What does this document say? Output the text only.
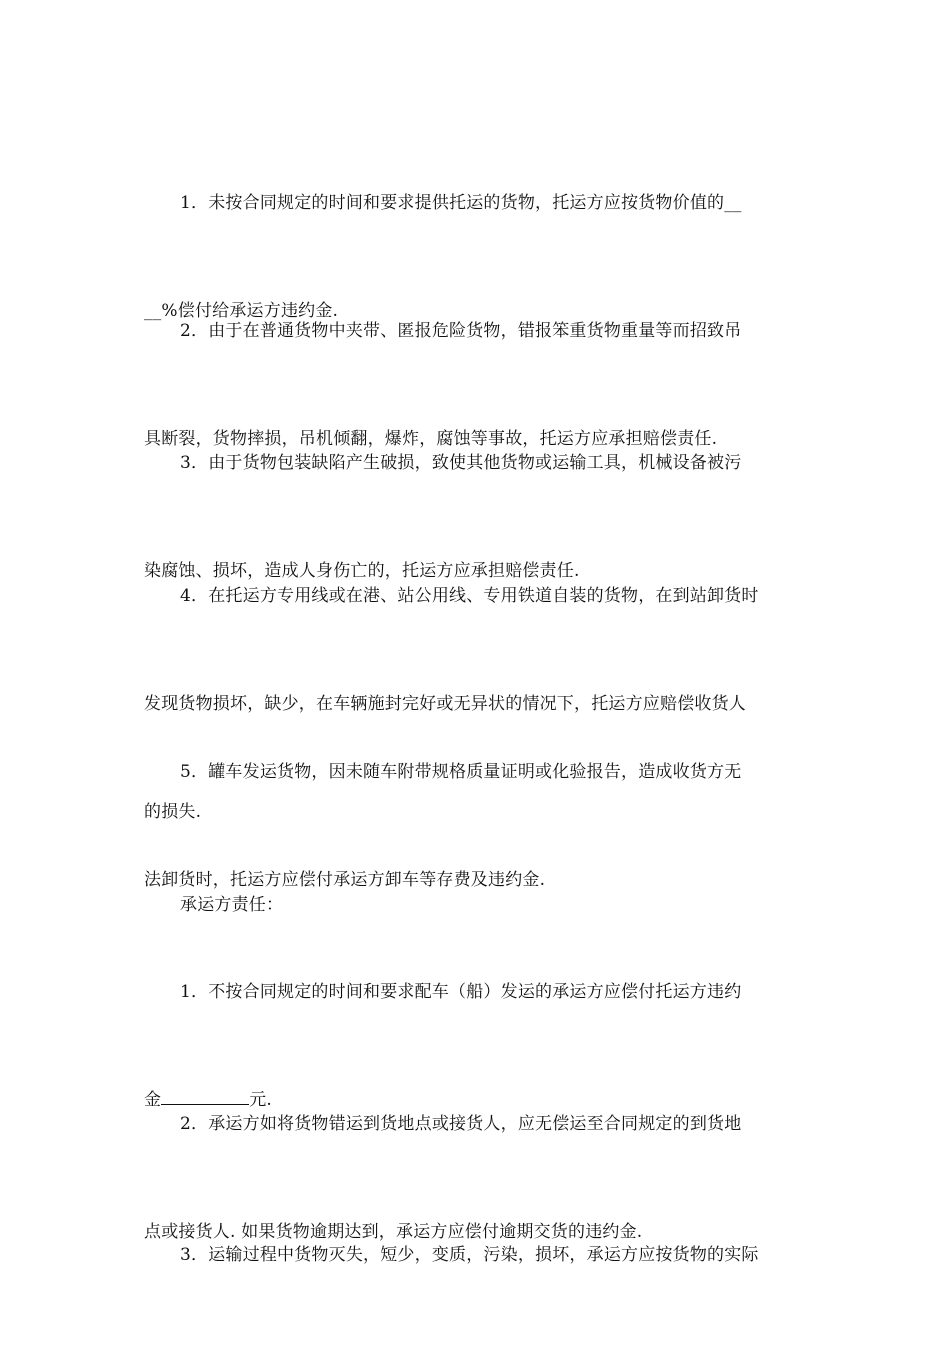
1．未按合同规定的时间和要求提供托运的货物，托运方应按货物价值的__

__%偿付给承运方违约金.

2．由于在普通货物中夹带、匿报危险货物，错报笨重货物重量等而招致吊

具断裂，货物摔损，吊机倾翻，爆炸，腐蚀等事故，托运方应承担赔偿责任.

3．由于货物包装缺陷产生破损，致使其他货物或运输工具，机械设备被污

染腐蚀、损坏，造成人身伤亡的，托运方应承担赔偿责任.

4．在托运方专用线或在港、站公用线、专用铁道自装的货物，在到站卸货时

发现货物损坏，缺少，在车辆施封完好或无异状的情况下，托运方应赔偿收货人

的损失.

5．罐车发运货物，因未随车附带规格质量证明或化验报告，造成收货方无

法卸货时，托运方应偿付承运方卸车等存费及违约金.

承运方责任：

1．不按合同规定的时间和要求配车（船）发运的承运方应偿付托运方违约

金	元.

2．承运方如将货物错运到货地点或接货人，应无偿运至合同规定的到货地

点或接货人. 如果货物逾期达到，承运方应偿付逾期交货的违约金.

3．运输过程中货物灭失，短少，变质，污染，损坏，承运方应按货物的实际
